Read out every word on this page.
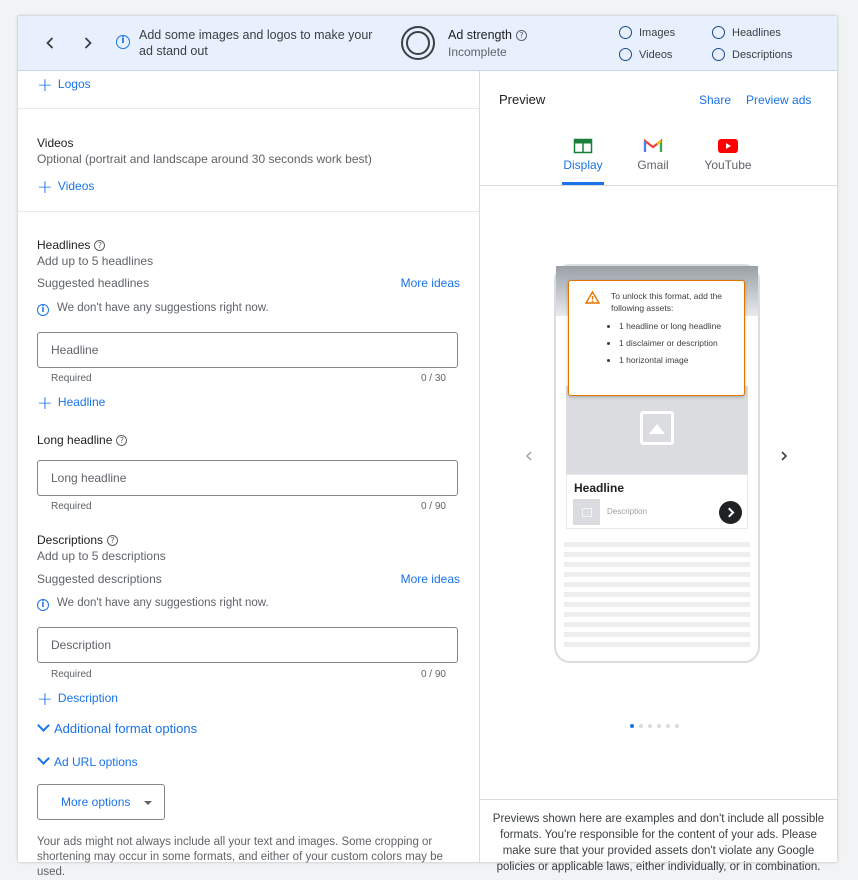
i
Add some images and logos to make your ad stand out
Ad strength ?
Incomplete
Images	Headlines
Videos	Descriptions
+ Logos
Videos
Optional (portrait and landscape around 30 seconds work best)
+ Videos
Headlines ?
Add up to 5 headlines
Suggested headlines	More ideas
i We don't have any suggestions right now.
Headline
Required	0 / 30
+ Headline
Long headline ?
Long headline
Required	0 / 90
Descriptions ?
Add up to 5 descriptions
Suggested descriptions	More ideas
i We don't have any suggestions right now.
Description
Required	0 / 90
+ Description
Additional format options
Ad URL options
More options
Your ads might not always include all your text and images. Some cropping or shortening may occur in some formats, and either of your custom colors may be used.
Preview	Share Preview ads
Display	Gmail	YouTube
Headline
Description
To unlock this format, add the following assets:
• 1 headline or long headline
• 1 disclaimer or description
• 1 horizontal image
Previews shown here are examples and don't include all possible formats. You're responsible for the content of your ads. Please make sure that your provided assets don't violate any Google policies or applicable laws, either individually, or in combination.
